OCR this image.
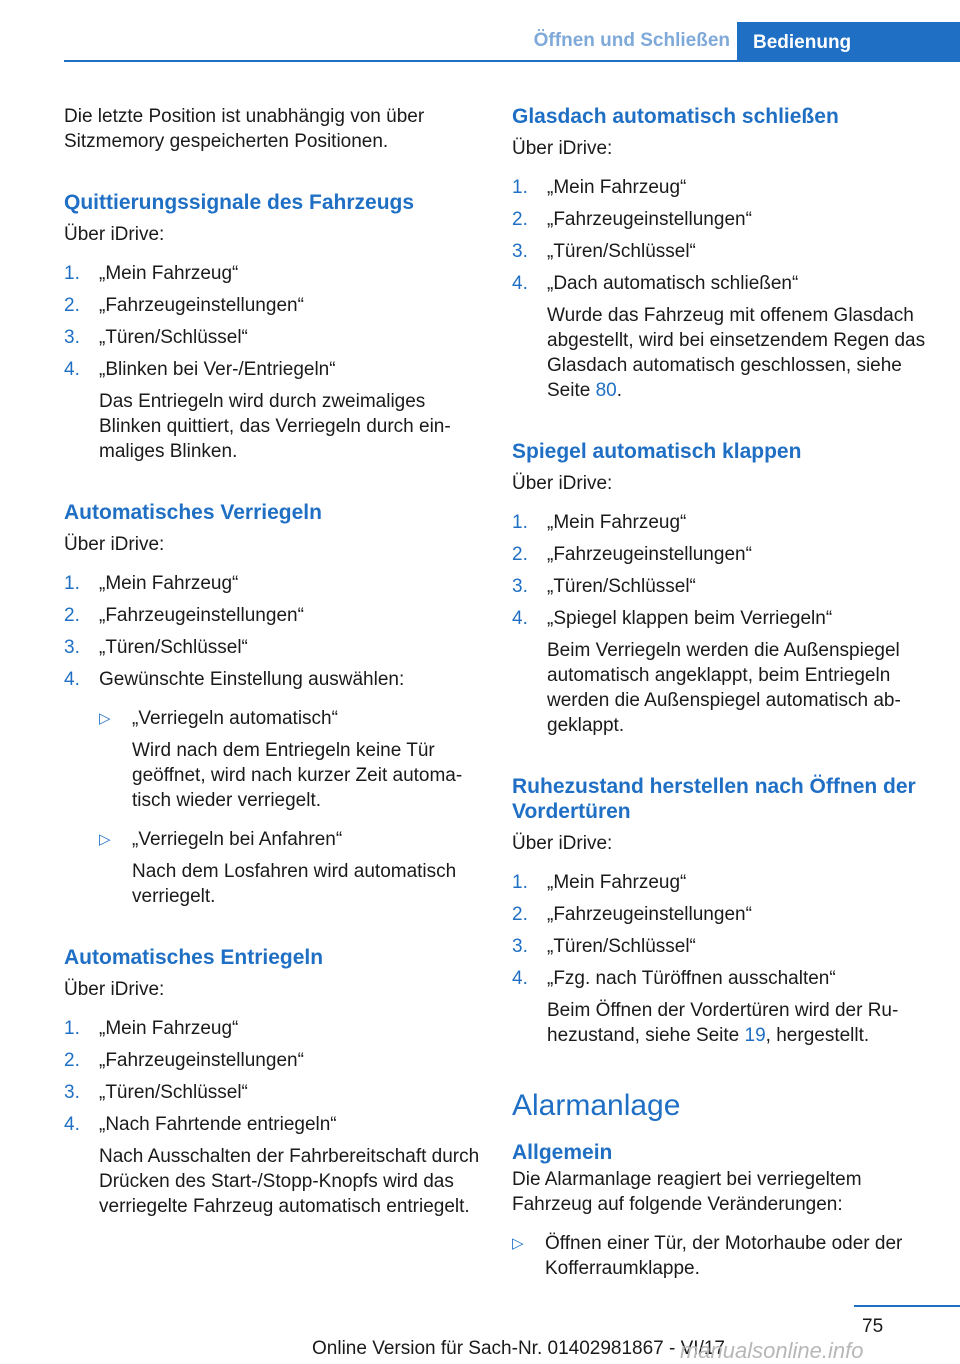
Öffnen und Schließen	Bedienung

Die letzte Position ist unabhängig von über Sitzmemory gespeicherten Positionen.

Quittierungssignale des Fahrzeugs

Über iDrive:

1.	„Mein Fahrzeug“
2.	„Fahrzeugeinstellungen“
3.	„Türen/Schlüssel“
4.	„Blinken bei Ver-/Entriegeln“
Das Entriegeln wird durch zweimaliges Blinken quittiert, das Verriegeln durch einmaliges Blinken.
Automatisches Verriegeln

Über iDrive:

1.	„Mein Fahrzeug“
2.	„Fahrzeugeinstellungen“
3.	„Türen/Schlüssel“
4.	Gewünschte Einstellung auswählen:
▷	„Verriegeln automatisch“
Wird nach dem Entriegeln keine Tür geöffnet, wird nach kurzer Zeit automatisch wieder verriegelt.
▷	„Verriegeln bei Anfahren“
Nach dem Losfahren wird automatisch verriegelt.
Automatisches Entriegeln

Über iDrive:

1.	„Mein Fahrzeug“
2.	„Fahrzeugeinstellungen“
3.	„Türen/Schlüssel“
4.	„Nach Fahrtende entriegeln“
Nach Ausschalten der Fahrbereitschaft durch Drücken des Start-/Stopp-Knopfs wird das verriegelte Fahrzeug automatisch entriegelt.
Glasdach automatisch schließen

Über iDrive:

1.	„Mein Fahrzeug“
2.	„Fahrzeugeinstellungen“
3.	„Türen/Schlüssel“
4.	„Dach automatisch schließen“
Wurde das Fahrzeug mit offenem Glasdach abgestellt, wird bei einsetzendem Regen das Glasdach automatisch geschlossen, siehe Seite 80.
Spiegel automatisch klappen

Über iDrive:

1.	„Mein Fahrzeug“
2.	„Fahrzeugeinstellungen“
3.	„Türen/Schlüssel“
4.	„Spiegel klappen beim Verriegeln“
Beim Verriegeln werden die Außenspiegel automatisch angeklappt, beim Entriegeln werden die Außenspiegel automatisch abgeklappt.
Ruhezustand herstellen nach Öffnen der Vordertüren

Über iDrive:

1.	„Mein Fahrzeug“
2.	„Fahrzeugeinstellungen“
3.	„Türen/Schlüssel“
4.	„Fzg. nach Türöffnen ausschalten“
Beim Öffnen der Vordertüren wird der Ruhezustand, siehe Seite 19, hergestellt.
Alarmanlage
Allgemein

Die Alarmanlage reagiert bei verriegeltem Fahrzeug auf folgende Veränderungen:

▷	Öffnen einer Tür, der Motorhaube oder der Kofferraumklappe.
75
Online Version für Sach-Nr. 01402981867 - VI/17
manualsonline.info
